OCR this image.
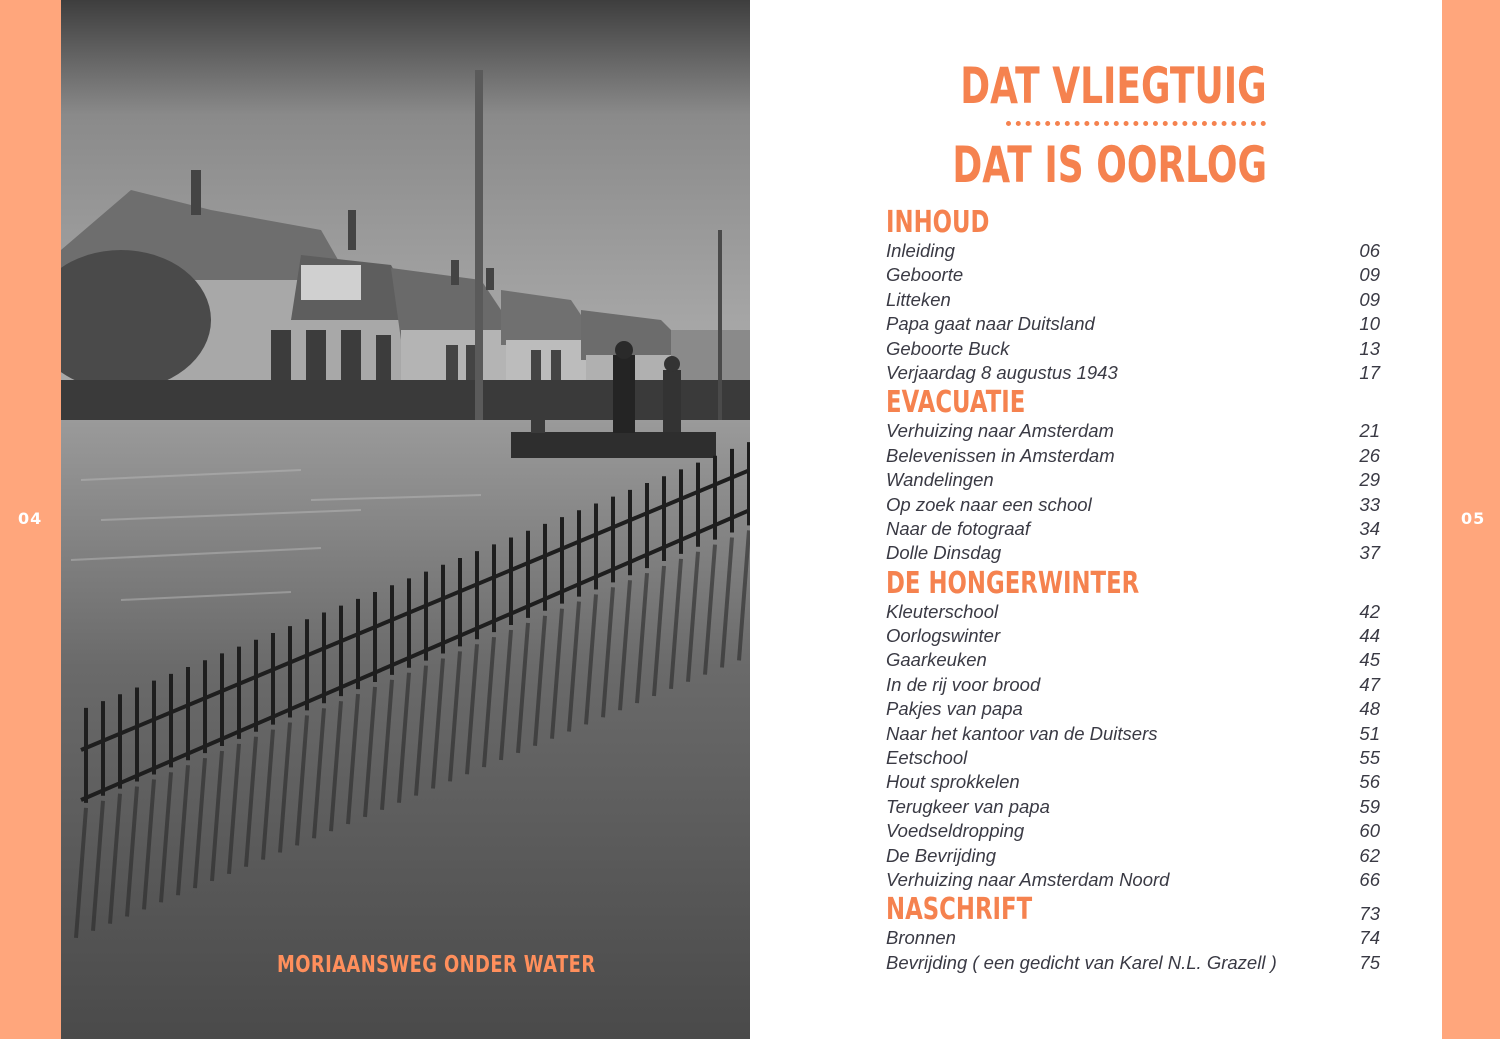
04	05
MORIAANSWEG ONDER WATER
DAT VLIEGTUIG
DAT IS OORLOG
INHOUD
Inleiding	06
Geboorte	09
Litteken	09
Papa gaat naar Duitsland	10
Geboorte Buck	13
Verjaardag 8 augustus 1943	17
EVACUATIE
Verhuizing naar Amsterdam	21
Belevenissen in Amsterdam	26
Wandelingen	29
Op zoek naar een school	33
Naar de fotograaf	34
Dolle Dinsdag	37
DE HONGERWINTER
Kleuterschool	42
Oorlogswinter	44
Gaarkeuken	45
In de rij voor brood	47
Pakjes van papa	48
Naar het kantoor van de Duitsers	51
Eetschool	55
Hout sprokkelen	56
Terugkeer van papa	59
Voedseldropping	60
De Bevrijding	62
Verhuizing naar Amsterdam Noord	66
NASCHRIFT	73
Bronnen	74
Bevrijding ( een gedicht van Karel N.L. Grazell )	75
